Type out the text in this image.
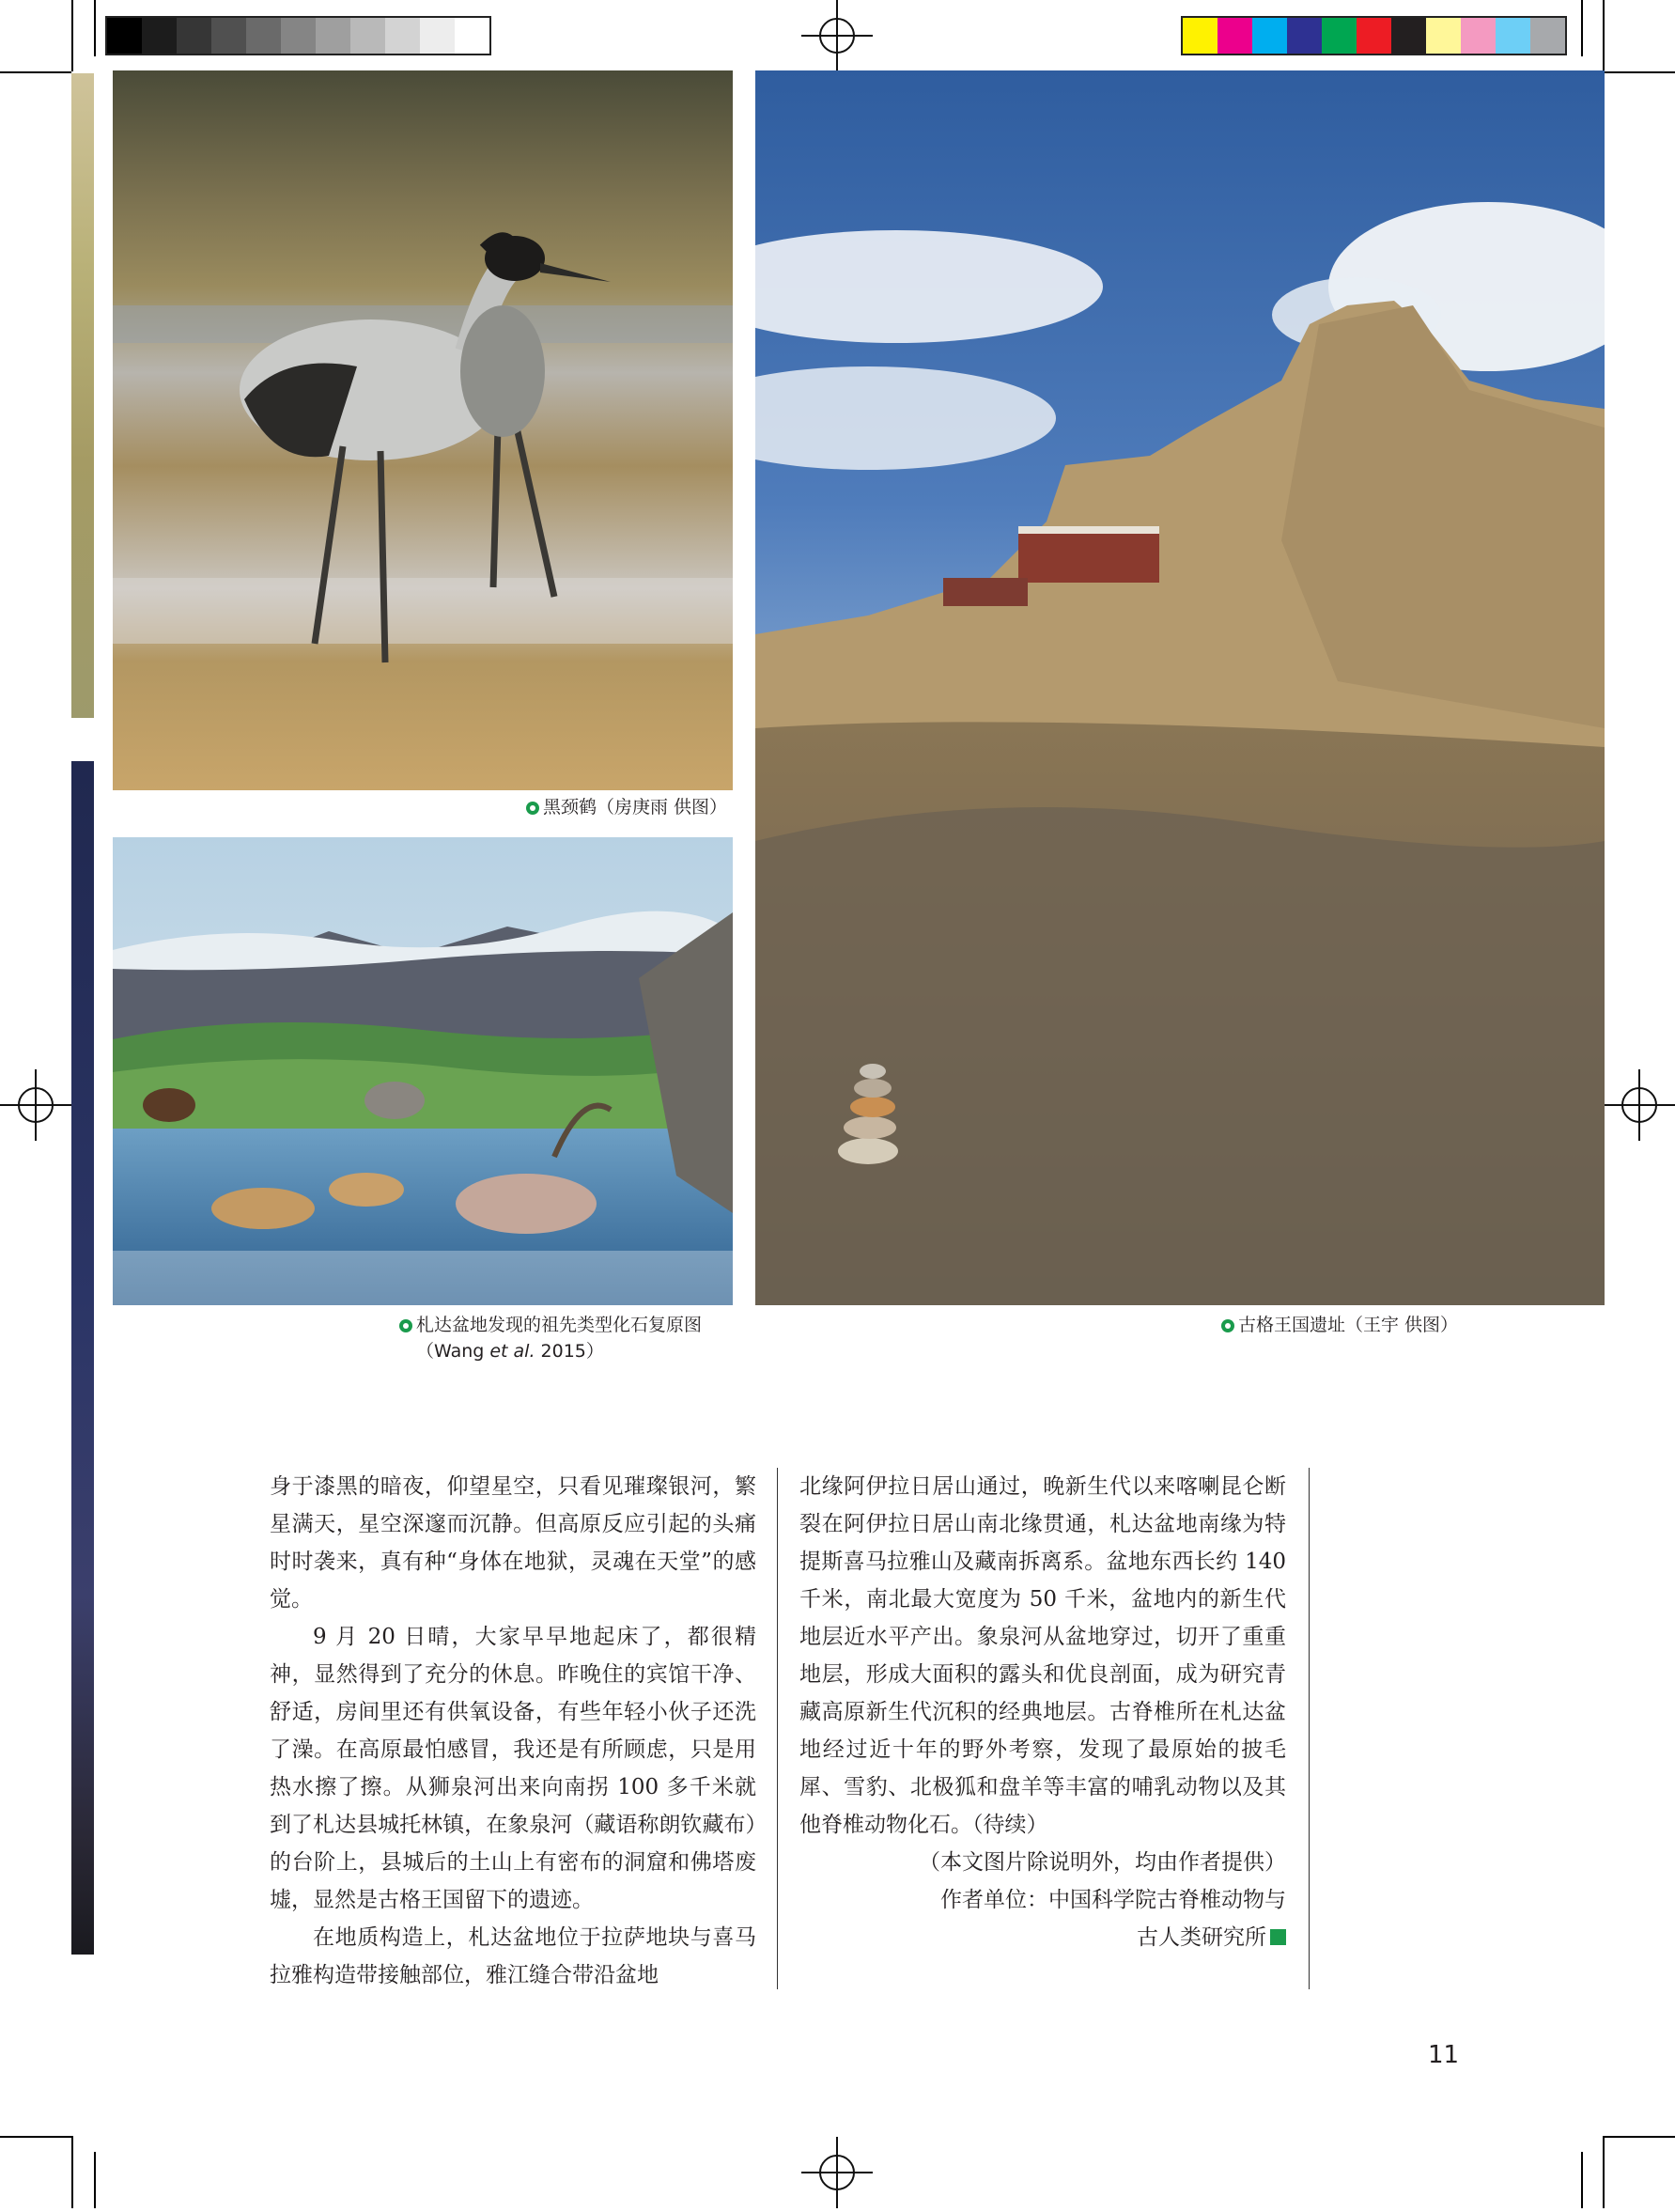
黑颈鹤（房庚雨 供图）
札达盆地发现的祖先类型化石复原图
（Wang et al. 2015）
古格王国遗址（王宇 供图）

身于漆黑的暗夜，仰望星空，只看见璀璨银河，繁星满天，星空深邃而沉静。但高原反应引起的头痛时时袭来，真有种“身体在地狱，灵魂在天堂”的感觉。

9 月 20 日晴，大家早早地起床了，都很精神，显然得到了充分的休息。昨晚住的宾馆干净、舒适，房间里还有供氧设备，有些年轻小伙子还洗了澡。在高原最怕感冒，我还是有所顾虑，只是用热水擦了擦。从狮泉河出来向南拐 100 多千米就到了札达县城托林镇，在象泉河（藏语称朗钦藏布）的台阶上，县城后的土山上有密布的洞窟和佛塔废墟，显然是古格王国留下的遗迹。

在地质构造上，札达盆地位于拉萨地块与喜马拉雅构造带接触部位，雅江缝合带沿盆地

北缘阿伊拉日居山通过，晚新生代以来喀喇昆仑断裂在阿伊拉日居山南北缘贯通，札达盆地南缘为特提斯喜马拉雅山及藏南拆离系。盆地东西长约 140 千米，南北最大宽度为 50 千米，盆地内的新生代地层近水平产出。象泉河从盆地穿过，切开了重重地层，形成大面积的露头和优良剖面，成为研究青藏高原新生代沉积的经典地层。古脊椎所在札达盆地经过近十年的野外考察，发现了最原始的披毛犀、雪豹、北极狐和盘羊等丰富的哺乳动物以及其他脊椎动物化石。（待续）

（本文图片除说明外，均由作者提供）

作者单位：中国科学院古脊椎动物与

古人类研究所

11
